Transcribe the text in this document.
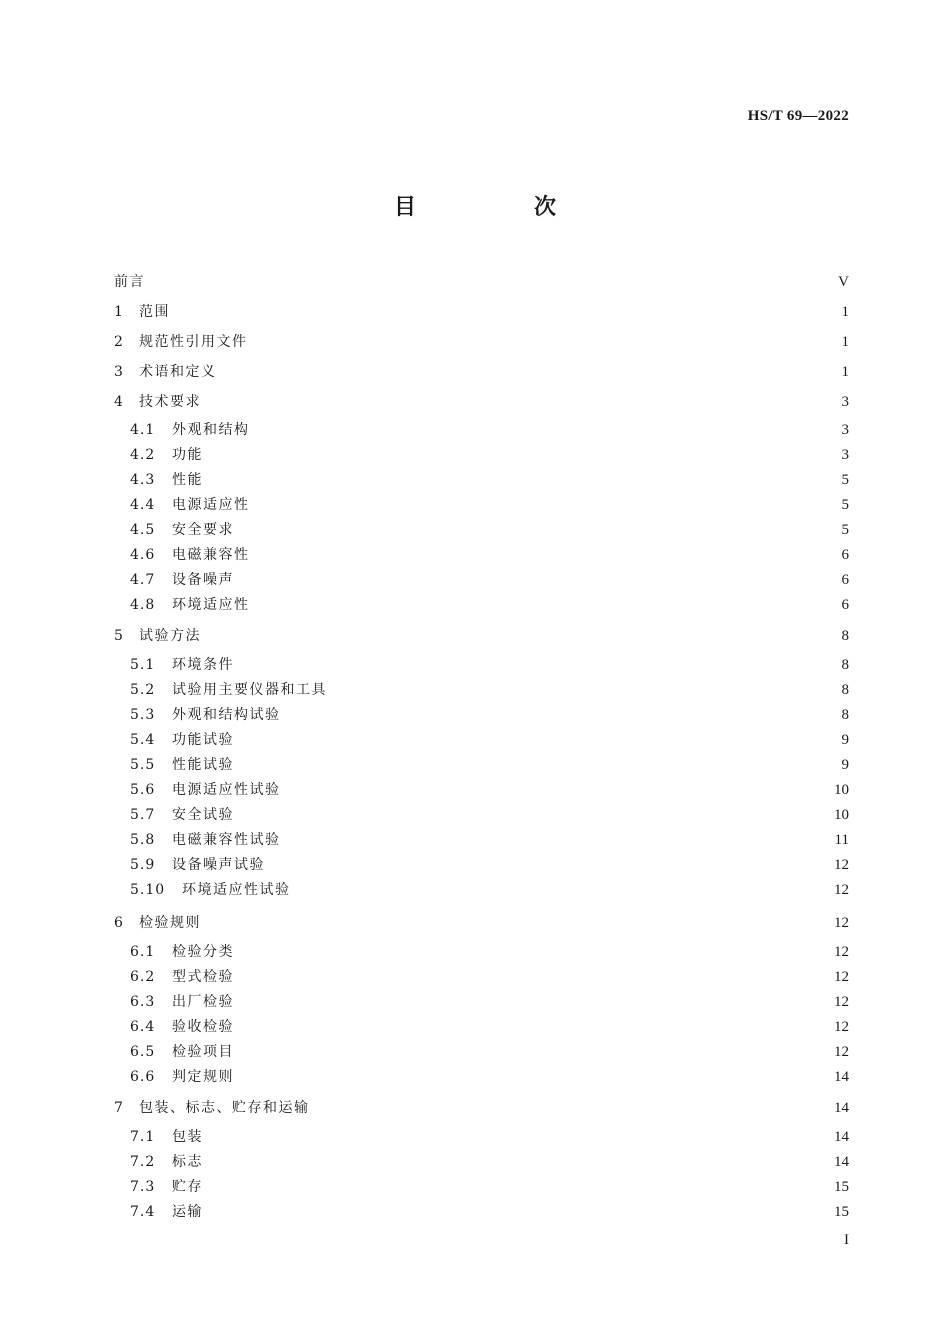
HS/T 69—2022
目　次
前言	V
1	范围	1
2	规范性引用文件	1
3	术语和定义	1
4	技术要求	3
4.1	外观和结构	3
4.2	功能	3
4.3	性能	5
4.4	电源适应性	5
4.5	安全要求	5
4.6	电磁兼容性	6
4.7	设备噪声	6
4.8	环境适应性	6
5	试验方法	8
5.1	环境条件	8
5.2	试验用主要仪器和工具	8
5.3	外观和结构试验	8
5.4	功能试验	9
5.5	性能试验	9
5.6	电源适应性试验	10
5.7	安全试验	10
5.8	电磁兼容性试验	11
5.9	设备噪声试验	12
5.10	环境适应性试验	12
6	检验规则	12
6.1	检验分类	12
6.2	型式检验	12
6.3	出厂检验	12
6.4	验收检验	12
6.5	检验项目	12
6.6	判定规则	14
7	包装、标志、贮存和运输	14
7.1	包装	14
7.2	标志	14
7.3	贮存	15
7.4	运输	15
I
